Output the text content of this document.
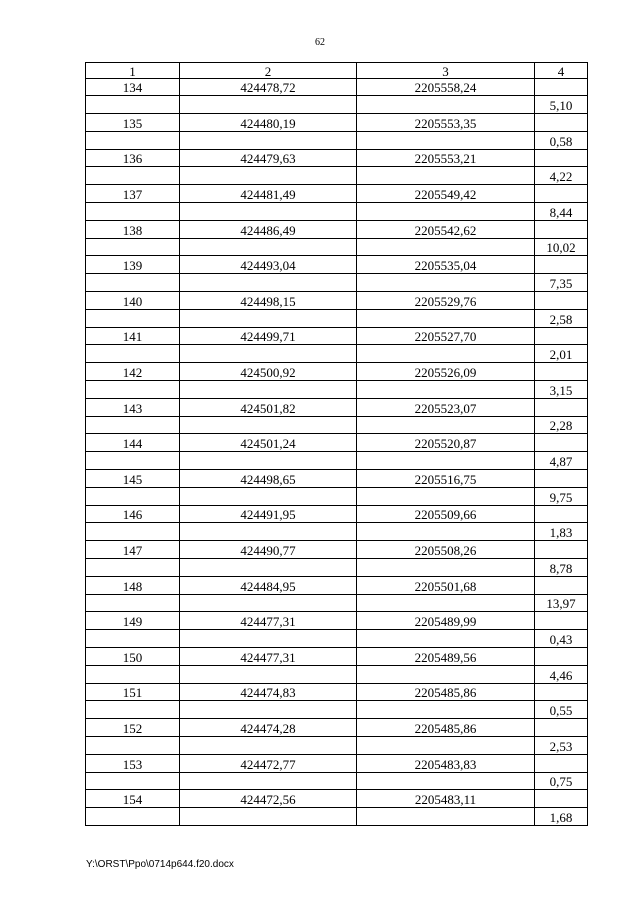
62
1	2	3	4
134	424478,72	2205558,24	
			5,10
135	424480,19	2205553,35	
			0,58
136	424479,63	2205553,21	
			4,22
137	424481,49	2205549,42	
			8,44
138	424486,49	2205542,62	
			10,02
139	424493,04	2205535,04	
			7,35
140	424498,15	2205529,76	
			2,58
141	424499,71	2205527,70	
			2,01
142	424500,92	2205526,09	
			3,15
143	424501,82	2205523,07	
			2,28
144	424501,24	2205520,87	
			4,87
145	424498,65	2205516,75	
			9,75
146	424491,95	2205509,66	
			1,83
147	424490,77	2205508,26	
			8,78
148	424484,95	2205501,68	
			13,97
149	424477,31	2205489,99	
			0,43
150	424477,31	2205489,56	
			4,46
151	424474,83	2205485,86	
			0,55
152	424474,28	2205485,86	
			2,53
153	424472,77	2205483,83	
			0,75
154	424472,56	2205483,11	
			1,68
Y:\ORST\Ppo\0714p644.f20.docx
